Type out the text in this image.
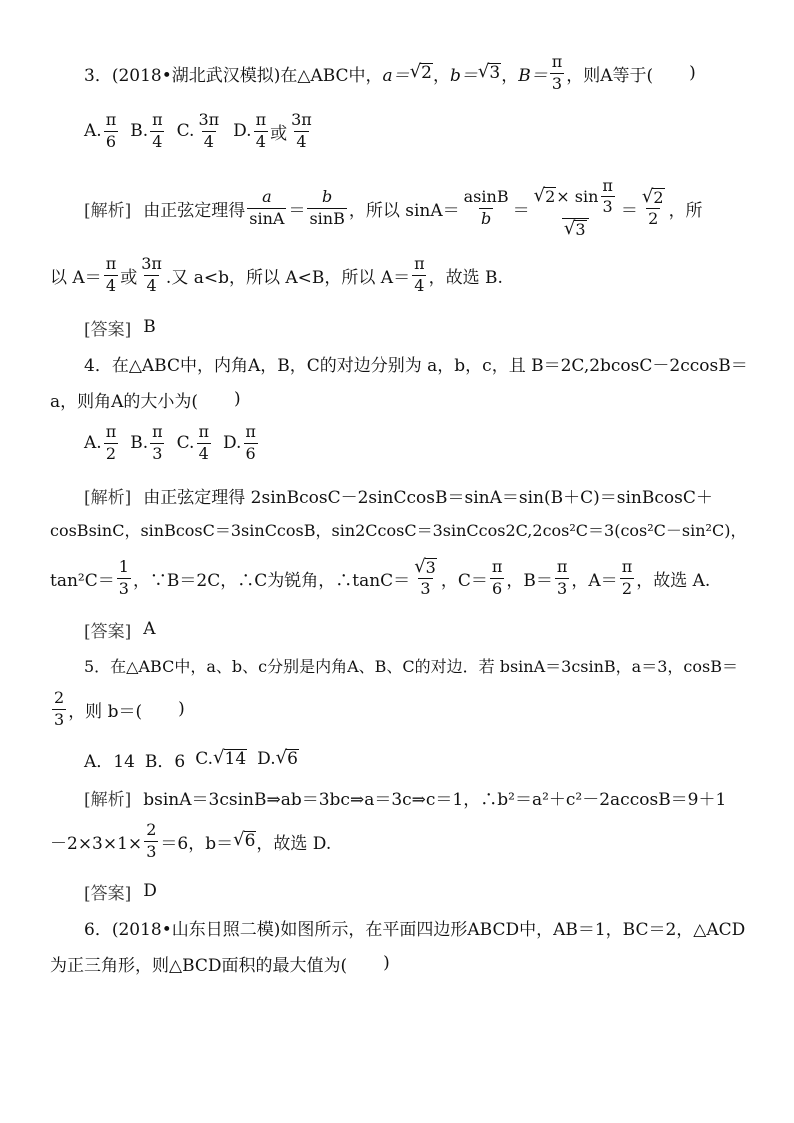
3．(2018•湖北武汉模拟)在△ABC中， a＝ √ 2 ， b＝ √ 3 ， $B= \frac{\pi}{3}$ ，则A等于( )
A. $\frac{\pi}{6} B$. $\frac{\pi}{4} C$. $\frac{3\pi}{4} D$. $\frac{\pi}{4}$ 或 $\frac{3\pi}{4}$
[解析] 由正弦定理得 $\frac{a}{\sin A} = \frac{b}{\sin B}$ ，所以 $\sin A= \frac{asinB}{b} = \frac{√ 2 \times \sin \frac{\pi}{3}}{√ 3} = \frac{√ 2}{2}$ ，所
以 $A= \frac{\pi}{4}$ 或 $\frac{3\pi}{4}$ .又 a<b，所以 A<B，所以 $A= \frac{\pi}{4}$ ，故选 B.
[答案] B
4．在△ABC中，内角A，B，C的对边分别为 a，b，c，且 B＝2C,2bcosC－2ccosB＝
a，则角A的大小为( )
A. $\frac{\pi}{2} B$. $\frac{\pi}{3} C$. $\frac{\pi}{4} D$. $\frac{\pi}{6}$
[解析] 由正弦定理得 2sinBcosC－2sinCcosB＝sinA＝sin(B＋C)＝sinBcosC＋
cosBsinC，sinBcosC＝3sinCcosB，sin2CcosC＝3sinCcos2C,2cos²C＝3(cos²C－sin²C)，
$\tan^2C= \frac{1}{3}$ ，∵B＝2C，∴C为锐角，∴tanC＝ $\frac{√ 3}{3}$ ，$C= \frac{\pi}{6}$ ，$B= \frac{\pi}{3}$ ，$A= \frac{\pi}{2}$ ，故选 A.
[答案] A
5．在△ABC中，a、b、c分别是内角A、B、C的对边．若 bsinA＝3csinB，a＝3，cosB＝
$\frac{2}{3}$ ，则 b＝( )
A．14 B．6 C. √ 14 D. √ 6
[解析] bsinA＝3csinB⇒ab＝3bc⇒a＝3c⇒c＝1，∴b²＝a²＋c²－2accosB＝9＋1
$-2\times 3\times 1\times \frac{2}{3} =6$，b＝ √ 6 ，故选 D.
[答案] D
6．(2018•山东日照二模)如图所示，在平面四边形ABCD中，AB＝1，BC＝2，△ACD
为正三角形，则△BCD面积的最大值为( )
